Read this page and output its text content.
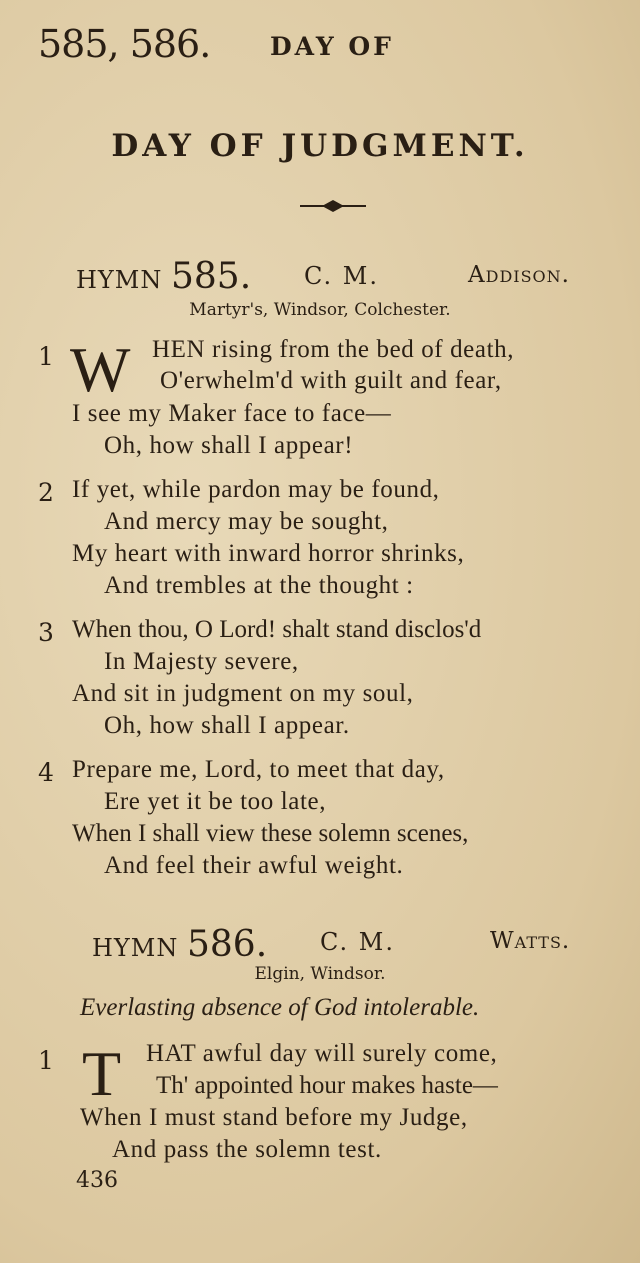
585, 586. DAY OF
DAY OF JUDGMENT.
HYMN 585. C. M.	Addison.
Martyr's, Windsor, Colchester.
1 W HEN rising from the bed of death,
O'erwhelm'd with guilt and fear,
I see my Maker face to face—
Oh, how shall I appear!
2 If yet, while pardon may be found,
And mercy may be sought,
My heart with inward horror shrinks,
And trembles at the thought :
3 When thou, O Lord! shalt stand disclos'd
In Majesty severe,
And sit in judgment on my soul,
Oh, how shall I appear.
4 Prepare me, Lord, to meet that day,
Ere yet it be too late,
When I shall view these solemn scenes,
And feel their awful weight.
HYMN 586. C. M.	Watts.
Elgin, Windsor.
Everlasting absence of God intolerable.
1 T HAT awful day will surely come,
Th' appointed hour makes haste—
When I must stand before my Judge,
And pass the solemn test.
436
